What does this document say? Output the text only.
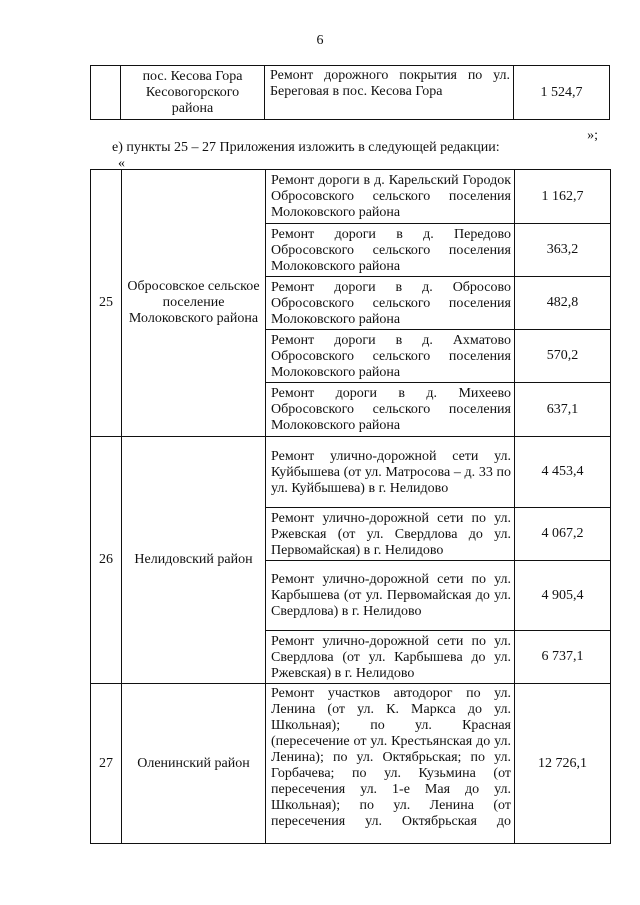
6
	пос. Кесова Гора Кесовогорского района	Ремонт дорожного покрытия по ул. Береговая в пос. Кесова Гора	1 524,7
»;
е) пункты 25 – 27 Приложения изложить в следующей редакции:
«
25	Обросовское сельское поселение Молоковского района	Ремонт дороги в д. Карельский Городок Обросовского сельского поселения Молоковского района	1 162,7
		Ремонт дороги в д. Передово Обросовского сельского поселения Молоковского района	363,2
		Ремонт дороги в д. Обросово Обросовского сельского поселения Молоковского района	482,8
		Ремонт дороги в д. Ахматово Обросовского сельского поселения Молоковского района	570,2
		Ремонт дороги в д. Михеево Обросовского сельского поселения Молоковского района	637,1
26	Нелидовский район	Ремонт улично-дорожной сети ул. Куйбышева (от ул. Матросова – д. 33 по ул. Куйбышева) в г. Нелидово	4 453,4
		Ремонт улично-дорожной сети по ул. Ржевская (от ул. Свердлова до ул. Первомайская) в г. Нелидово	4 067,2
		Ремонт улично-дорожной сети по ул. Карбышева (от ул. Первомайская до ул. Свердлова) в г. Нелидово	4 905,4
		Ремонт улично-дорожной сети по ул. Свердлова (от ул. Карбышева до ул. Ржевская) в г. Нелидово	6 737,1
27	Оленинский район	Ремонт участков автодорог по ул. Ленина (от ул. К. Маркса до ул. Школьная); по ул. Красная (пересечение от ул. Крестьянская до ул. Ленина); по ул. Октябрьская; по ул. Горбачева; по ул. Кузьмина (от пересечения ул. 1-е Мая до ул. Школьная); по ул. Ленина (от пересечения ул. Октябрьская до	12 726,1
